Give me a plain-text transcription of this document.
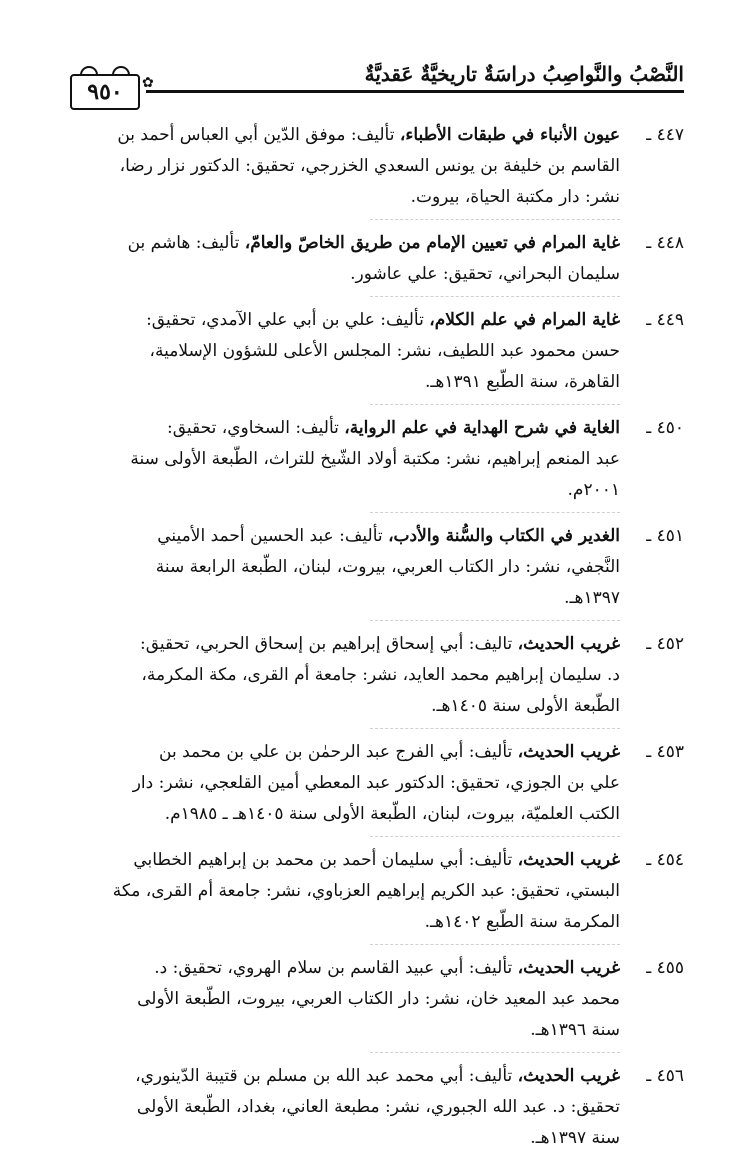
النَّصْبُ والنَّواصِبُ دراسَةٌ تاريخيَّةٌ عَقديَّةٌ
✿
٩٥٠
٤٤٧ ـ
عيون الأنباء في طبقات الأطباء، تأليف: موفق الدّين أبي العباس أحمد بن
القاسم بن خليفة بن يونس السعدي الخزرجي، تحقيق: الدكتور نزار رضا،
نشر: دار مكتبة الحياة، بيروت.
٤٤٨ ـ
غاية المرام في تعيين الإمام من طريق الخاصّ والعامّ، تأليف: هاشم بن
سليمان البحراني، تحقيق: علي عاشور.
٤٤٩ ـ
غاية المرام في علم الكلام، تأليف: علي بن أبي علي الآمدي، تحقيق:
حسن محمود عبد اللطيف، نشر: المجلس الأعلى للشؤون الإسلامية،
القاهرة، سنة الطّبع ١٣٩١هـ.
٤٥٠ ـ
الغاية في شرح الهداية في علم الرواية، تأليف: السخاوي، تحقيق:
عبد المنعم إبراهيم، نشر: مكتبة أولاد الشّيخ للتراث، الطّبعة الأولى سنة
٢٠٠١م.
٤٥١ ـ
الغدير في الكتاب والسُّنة والأدب، تأليف: عبد الحسين أحمد الأميني
النَّجفي، نشر: دار الكتاب العربي، بيروت، لبنان، الطّبعة الرابعة سنة
١٣٩٧هـ.
٤٥٢ ـ
غريب الحديث، تاليف: أبي إسحاق إبراهيم بن إسحاق الحربي، تحقيق:
د. سليمان إبراهيم محمد العايد، نشر: جامعة أم القرى، مكة المكرمة،
الطّبعة الأولى سنة ١٤٠٥هـ.
٤٥٣ ـ
غريب الحديث، تأليف: أبي الفرج عبد الرحمٰن بن علي بن محمد بن
علي بن الجوزي، تحقيق: الدكتور عبد المعطي أمين القلعجي، نشر: دار
الكتب العلميّة، بيروت، لبنان، الطّبعة الأولى سنة ١٤٠٥هـ ـ ١٩٨٥م.
٤٥٤ ـ
غريب الحديث، تأليف: أبي سليمان أحمد بن محمد بن إبراهيم الخطابي
البستي، تحقيق: عبد الكريم إبراهيم العزباوي، نشر: جامعة أم القرى، مكة
المكرمة سنة الطّبع ١٤٠٢هـ.
٤٥٥ ـ
غريب الحديث، تأليف: أبي عبيد القاسم بن سلام الهروي، تحقيق: د.
محمد عبد المعيد خان، نشر: دار الكتاب العربي، بيروت، الطّبعة الأولى
سنة ١٣٩٦هـ.
٤٥٦ ـ
غريب الحديث، تأليف: أبي محمد عبد الله بن مسلم بن قتيبة الدّينوري،
تحقيق: د. عبد الله الجبوري، نشر: مطبعة العاني، بغداد، الطّبعة الأولى
سنة ١٣٩٧هـ.
